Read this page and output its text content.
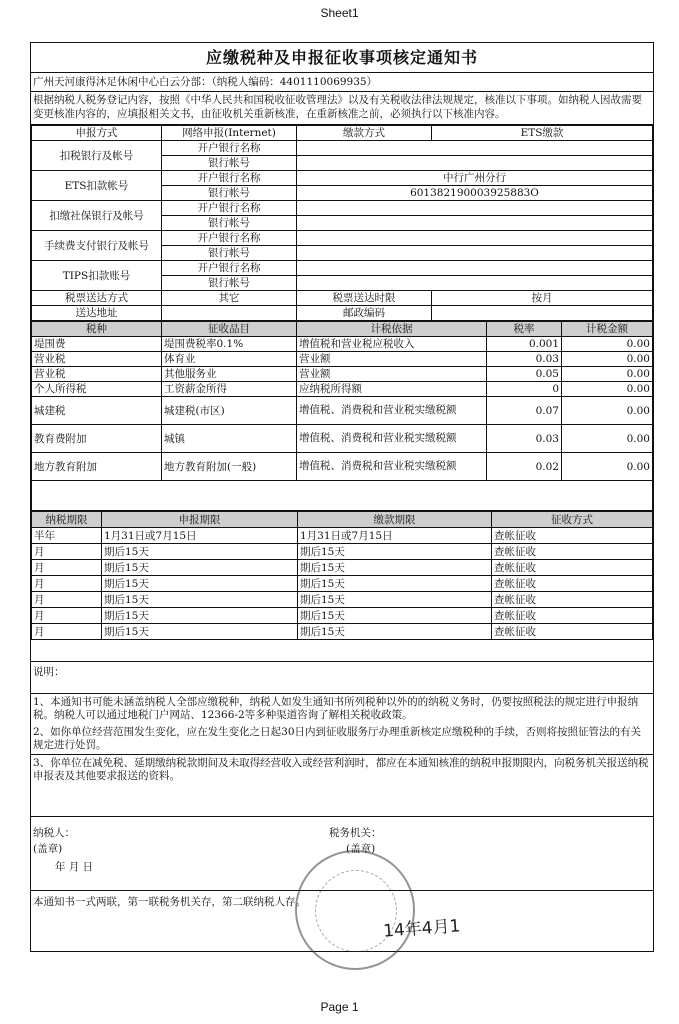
Sheet1
应缴税种及申报征收事项核定通知书
广州天河康得沐足休闲中心白云分部：（纳税人编码：4401110069935）
根据纳税人税务登记内容，按照《中华人民共和国税收征收管理法》以及有关税收法律法规规定，核准以下事项。如纳税人因故需要变更核准内容的，应填报相关文书，由征收机关重新核准，在重新核准之前，必须执行以下核准内容。
申报方式	网络申报(Internet)	缴款方式	ETS缴款
扣税银行及帐号	开户银行名称		
	银行帐号		
ETS扣款帐号	开户银行名称	中行广州分行	
	银行帐号	601382190003925883O	
扣缴社保银行及帐号	开户银行名称		
	银行帐号		
手续费支付银行及帐号	开户银行名称		
	银行帐号		
TIPS扣款账号	开户银行名称		
	银行帐号		
税票送达方式	其它	税票送达时限	按月
送达地址		邮政编码	
税种	征收品目	计税依据	税率	计税金额
堤围费	堤围费税率0.1%	增值税和营业税应税收入	0.001	0.00
营业税	体育业	营业额	0.03	0.00
营业税	其他服务业	营业额	0.05	0.00
个人所得税	工资薪金所得	应纳税所得额	0	0.00
城建税	城建税(市区)	增值税、消费税和营业税实缴税额	0.07	0.00
教育费附加	城镇	增值税、消费税和营业税实缴税额	0.03	0.00
地方教育附加	地方教育附加(一般)	增值税、消费税和营业税实缴税额	0.02	0.00

纳税期限	申报期限	缴款期限	征收方式
半年	1月31日或7月15日	1月31日或7月15日	查帐征收
月	期后15天	期后15天	查帐征收
月	期后15天	期后15天	查帐征收
月	期后15天	期后15天	查帐征收
月	期后15天	期后15天	查帐征收
月	期后15天	期后15天	查帐征收
月	期后15天	期后15天	查帐征收
说明：
1、本通知书可能未涵盖纳税人全部应缴税种，纳税人如发生通知书所列税种以外的的纳税义务时，仍要按照税法的规定进行申报纳税。纳税人可以通过地税门户网站、12366-2等多种渠道咨询了解相关税收政策。
2、如你单位经营范围发生变化，应在发生变化之日起30日内到征收服务厅办理重新核定应缴税种的手续，否则将按照征管法的有关规定进行处罚。
3、你单位在减免税、延期缴纳税款期间及未取得经营收入或经营利润时，都应在本通知核准的纳税申报期限内，向税务机关报送纳税申报表及其他要求报送的资料。
纳税人：
(盖章)
年 月 日
税务机关：
(盖章)
本通知书一式两联，第一联税务机关存，第二联纳税人存。
14年4月1
Page 1
